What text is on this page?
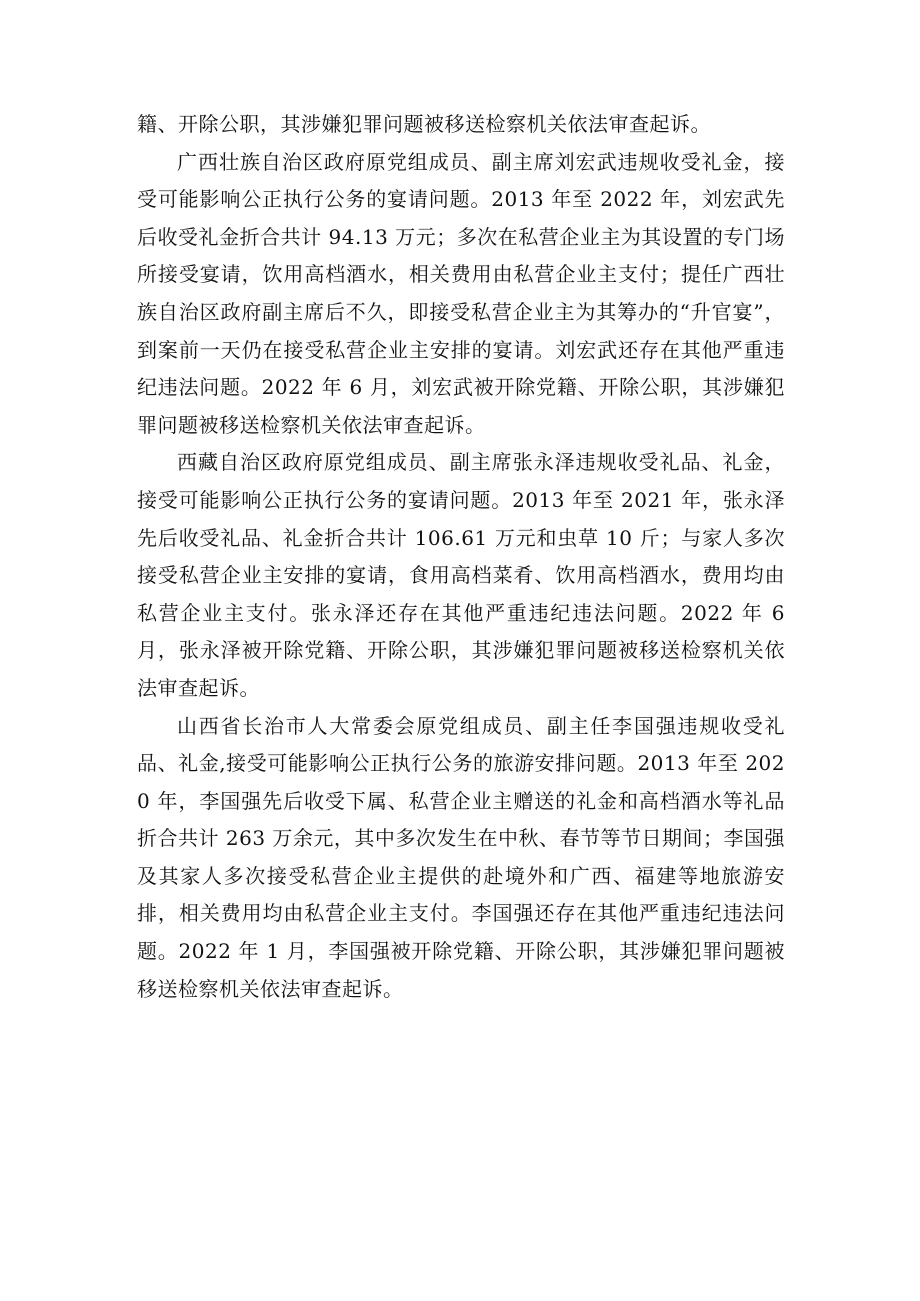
籍、开除公职，其涉嫌犯罪问题被移送检察机关依法审查起诉。

广西壮族自治区政府原党组成员、副主席刘宏武违规收受礼金，接受可能影响公正执行公务的宴请问题。2013 年至 2022 年，刘宏武先后收受礼金折合共计 94.13 万元；多次在私营企业主为其设置的专门场所接受宴请，饮用高档酒水，相关费用由私营企业主支付；提任广西壮族自治区政府副主席后不久，即接受私营企业主为其筹办的“升官宴”，到案前一天仍在接受私营企业主安排的宴请。刘宏武还存在其他严重违纪违法问题。2022 年 6 月，刘宏武被开除党籍、开除公职，其涉嫌犯罪问题被移送检察机关依法审查起诉。

西藏自治区政府原党组成员、副主席张永泽违规收受礼品、礼金，接受可能影响公正执行公务的宴请问题。2013 年至 2021 年，张永泽先后收受礼品、礼金折合共计 106.61 万元和虫草 10 斤；与家人多次接受私营企业主安排的宴请，食用高档菜肴、饮用高档酒水，费用均由私营企业主支付。张永泽还存在其他严重违纪违法问题。2022 年 6 月，张永泽被开除党籍、开除公职，其涉嫌犯罪问题被移送检察机关依法审查起诉。

山西省长治市人大常委会原党组成员、副主任李国强违规收受礼品、礼金,接受可能影响公正执行公务的旅游安排问题。2013 年至 2020 年，李国强先后收受下属、私营企业主赠送的礼金和高档酒水等礼品折合共计 263 万余元，其中多次发生在中秋、春节等节日期间；李国强及其家人多次接受私营企业主提供的赴境外和广西、福建等地旅游安排，相关费用均由私营企业主支付。李国强还存在其他严重违纪违法问题。2022 年 1 月，李国强被开除党籍、开除公职，其涉嫌犯罪问题被移送检察机关依法审查起诉。
